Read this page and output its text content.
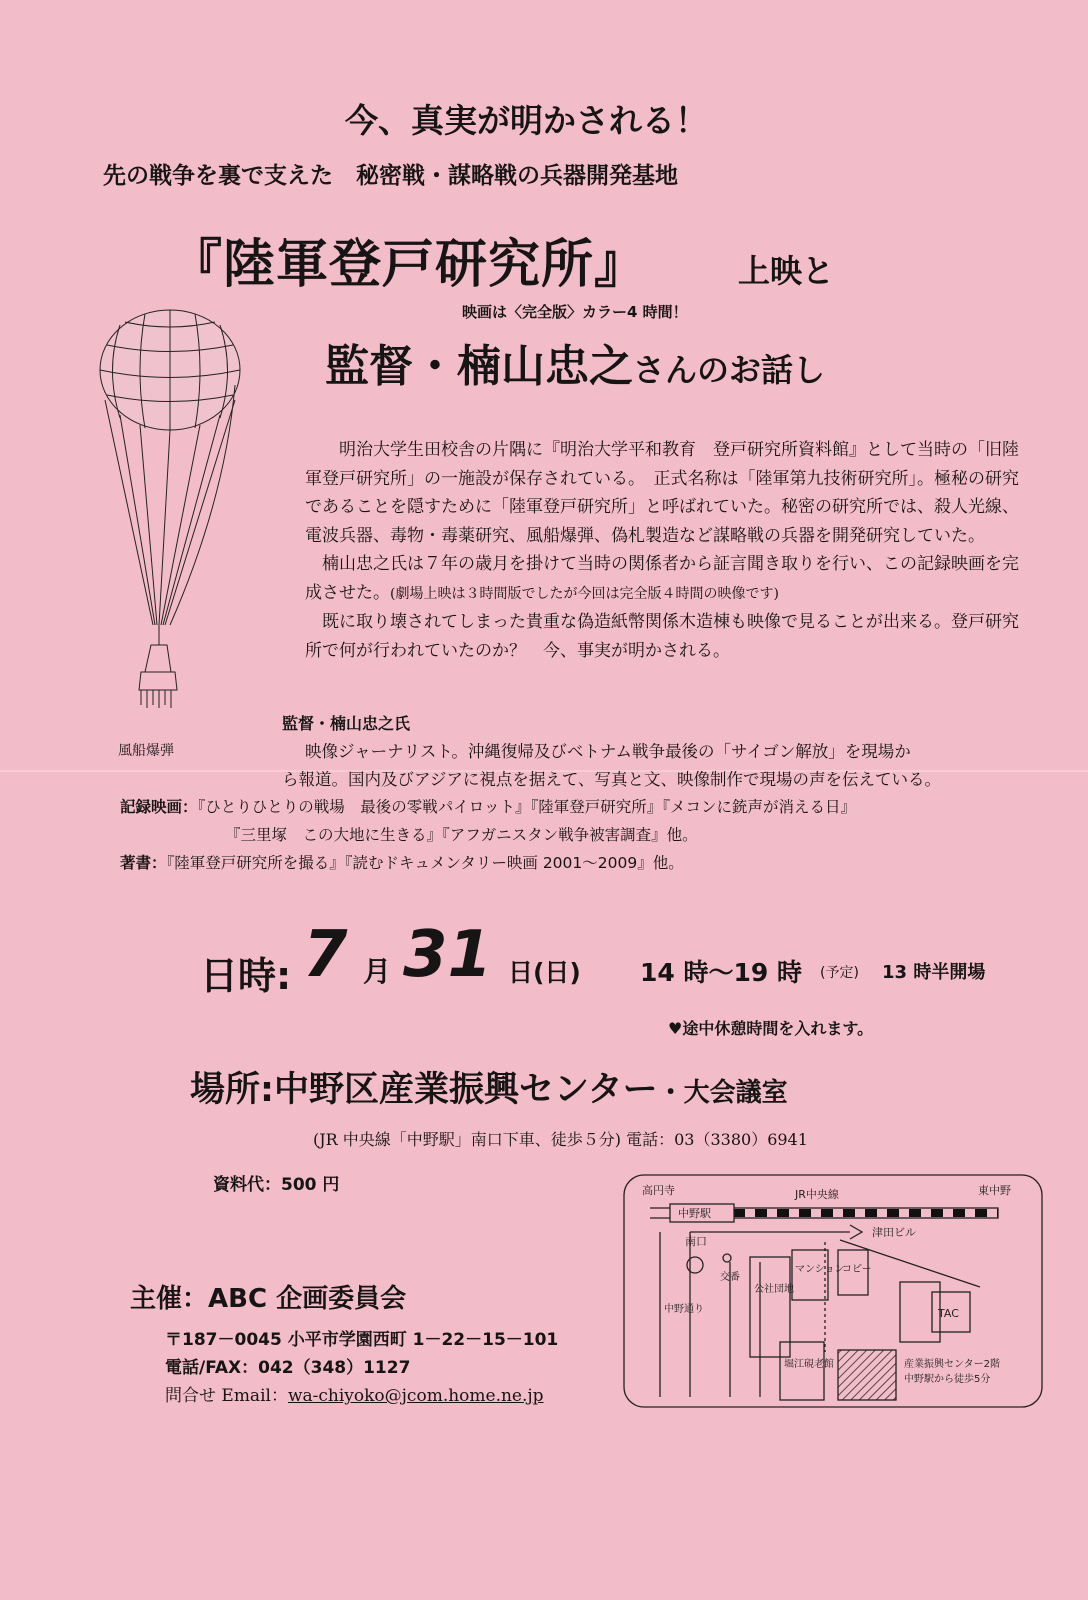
今、真実が明かされる！
先の戦争を裏で支えた　秘密戦・謀略戦の兵器開発基地
『陸軍登戸研究所』	上映と
映画は〈完全版〉カラー4 時間！
監督・楠山忠之さんのお話し
風船爆弾

明治大学生田校舎の片隅に『明治大学平和教育　登戸研究所資料館』として当時の「旧陸軍登戸研究所」の一施設が保存されている。　正式名称は「陸軍第九技術研究所」。極秘の研究であることを隠すために「陸軍登戸研究所」と呼ばれていた。秘密の研究所では、殺人光線、電波兵器、毒物・毒薬研究、風船爆弾、偽札製造など謀略戦の兵器を開発研究していた。

楠山忠之氏は７年の歳月を掛けて当時の関係者から証言聞き取りを行い、この記録映画を完成させた。(劇場上映は３時間版でしたが今回は完全版４時間の映像です)

既に取り壊されてしまった貴重な偽造紙幣関係木造棟も映像で見ることが出来る。登戸研究所で何が行われていたのか？　今、事実が明かされる。

監督・楠山忠之氏
映像ジャーナリスト。沖縄復帰及びベトナム戦争最後の「サイゴン解放」を現場か
ら報道。国内及びアジアに視点を据えて、写真と文、映像制作で現場の声を伝えている。
記録映画：『ひとりひとりの戦場　最後の零戦パイロット』『陸軍登戸研究所』『メコンに銃声が消える日』
『三里塚　この大地に生きる』『アフガニスタン戦争被害調査』他。
著書：『陸軍登戸研究所を撮る』『読むドキュメンタリー映画 2001～2009』他。
日時: 7 月 31 日(日) 14 時～19 時 (予定) 13 時半開場
♥途中休憩時間を入れます。
場所:中野区産業振興センター・大会議室
(JR 中央線「中野駅」南口下車、徒歩５分) 電話：03（3380）6941
資料代：500 円
主催：ABC 企画委員会
〒187－0045 小平市学園西町 1－22－15－101
電話/FAX：042（348）1127
問合せ Email：wa-chiyoko@jcom.home.ne.jp
高円寺	JR中央線	東中野
中野駅
津田ビル
南口
交番
マンション
コピー
公社団地
TAC
中野通り
堀江硯老館	産業振興センター2階
中野駅から徒歩5分
